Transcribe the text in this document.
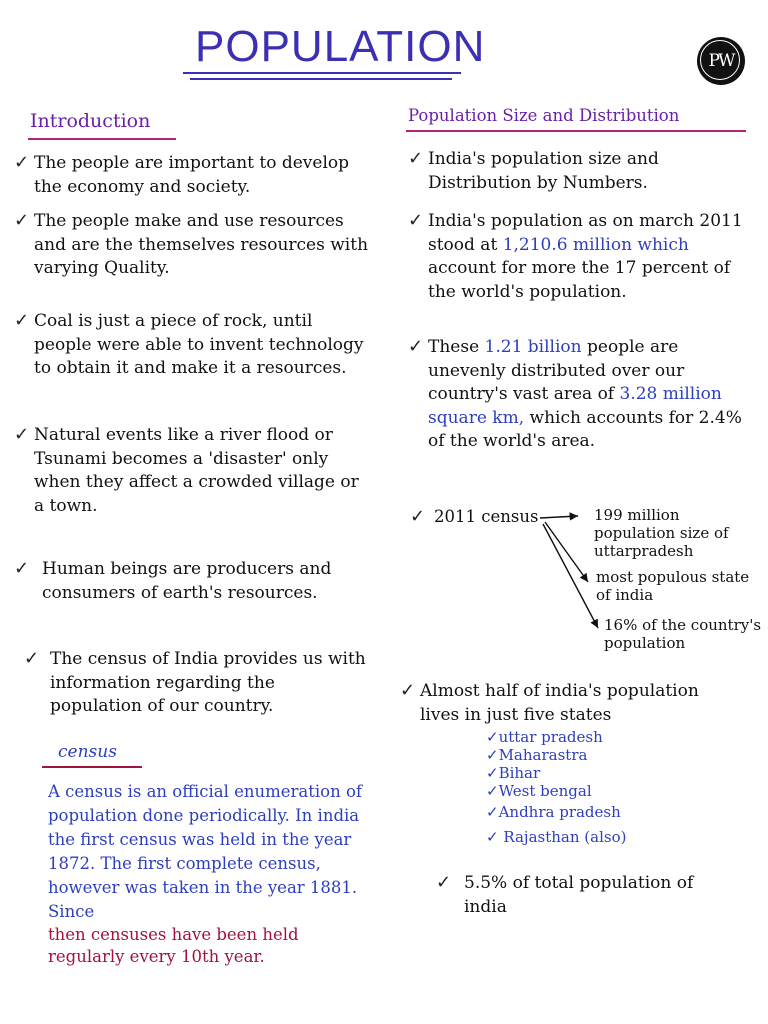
POPULATION	PW
Introduction
✓ The people are important to develop the economy and society.

✓ The people make and use resources and are the themselves resources with varying Quality.

✓ Coal is just a piece of rock, until people were able to invent technology to obtain it and make it a resources.

✓ Natural events like a river flood or Tsunami becomes a 'disaster' only when they affect a crowded village or a town.

✓ Human beings are producers and consumers of earth's resources.

✓ The census of India provides us with information regarding the population of our country.

census

A census is an official enumeration of population done periodically. In india the first census was held in the year 1872. The first complete census, however was taken in the year 1881. Since

then censuses have been held regularly every 10th year.

Population Size and Distribution
✓ India's population size and Distribution by Numbers.

✓ India's population as on march 2011 stood at 1,210.6 million which account for more the 17 percent of the world's population.

✓ These 1.21 billion people are unevenly distributed over our country's vast area of 3.28 million square km, which accounts for 2.4% of the world's area.

✓ 2011 census	199 million population size of uttarpradesh

most populous state of india

16% of the country's population

✓ Almost half of india's population lives in just five states

✓uttar pradesh
✓Maharastra
✓Bihar
✓West bengal
✓Andhra pradesh
✓ Rajasthan (also)
✓ 5.5% of total population of india
